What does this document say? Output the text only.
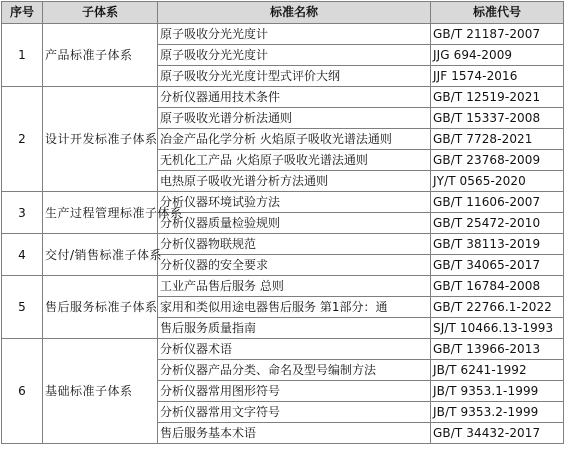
序号	子体系	标准名称	标准代号
1	产品标准子体系	原子吸收分光光度计	GB/T 21187-2007
		原子吸收分光光度计	JJG 694-2009
		原子吸收分光光度计型式评价大纲	JJF 1574-2016
2	设计开发标准子体系	分析仪器通用技术条件	GB/T 12519-2021
		原子吸收光谱分析法通则	GB/T 15337-2008
		冶金产品化学分析 火焰原子吸收光谱法通则	GB/T 7728-2021
		无机化工产品 火焰原子吸收光谱法通则	GB/T 23768-2009
		电热原子吸收光谱分析方法通则	JY/T 0565-2020
3	生产过程管理标准子体系	分析仪器环境试验方法	GB/T 11606-2007
		分析仪器质量检验规则	GB/T 25472-2010
4	交付/销售标准子体系	分析仪器物联规范	GB/T 38113-2019
		分析仪器的安全要求	GB/T 34065-2017
5	售后服务标准子体系	工业产品售后服务 总则	GB/T 16784-2008
		家用和类似用途电器售后服务 第1部分：通	GB/T 22766.1-2022
		售后服务质量指南	SJ/T 10466.13-1993
6	基础标准子体系	分析仪器术语	GB/T 13966-2013
		分析仪器产品分类、命名及型号编制方法	JB/T 6241-1992
		分析仪器常用图形符号	JB/T 9353.1-1999
		分析仪器常用文字符号	JB/T 9353.2-1999
		售后服务基本术语	GB/T 34432-2017
